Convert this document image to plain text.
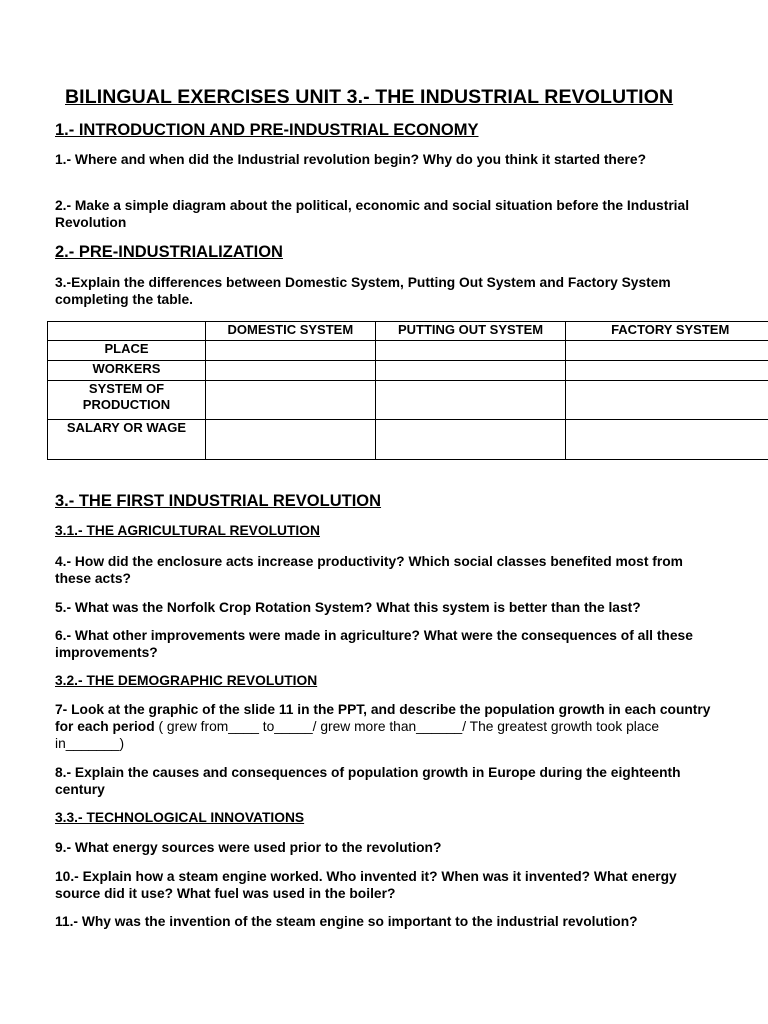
BILINGUAL EXERCISES UNIT 3.- THE INDUSTRIAL REVOLUTION
1.- INTRODUCTION AND PRE-INDUSTRIAL ECONOMY
1.- Where and when did the Industrial revolution begin? Why do you think it started there?
2.- Make a simple diagram about the political, economic and social situation before the Industrial Revolution
2.- PRE-INDUSTRIALIZATION
3.-Explain the differences between Domestic System, Putting Out System and Factory System completing the table.
	DOMESTIC SYSTEM	PUTTING OUT SYSTEM	FACTORY SYSTEM
PLACE			
WORKERS			
SYSTEM OF PRODUCTION			
SALARY OR WAGE			
3.- THE FIRST INDUSTRIAL REVOLUTION
3.1.- THE AGRICULTURAL REVOLUTION
4.- How did the enclosure acts increase productivity? Which social classes benefited most from these acts?
5.- What was the Norfolk Crop Rotation System? What this system is better than the last?
6.- What other improvements were made in agriculture? What were the consequences of all these improvements?
3.2.- THE DEMOGRAPHIC REVOLUTION
7- Look at the graphic of the slide 11 in the PPT, and describe the population growth in each country for each period ( grew from____ to_____/ grew more than______/ The greatest growth took place in_______)
8.- Explain the causes and consequences of population growth in Europe during the eighteenth century
3.3.- TECHNOLOGICAL INNOVATIONS
9.- What energy sources were used prior to the revolution?
10.- Explain how a steam engine worked. Who invented it? When was it invented? What energy source did it use? What fuel was used in the boiler?
11.- Why was the invention of the steam engine so important to the industrial revolution?
